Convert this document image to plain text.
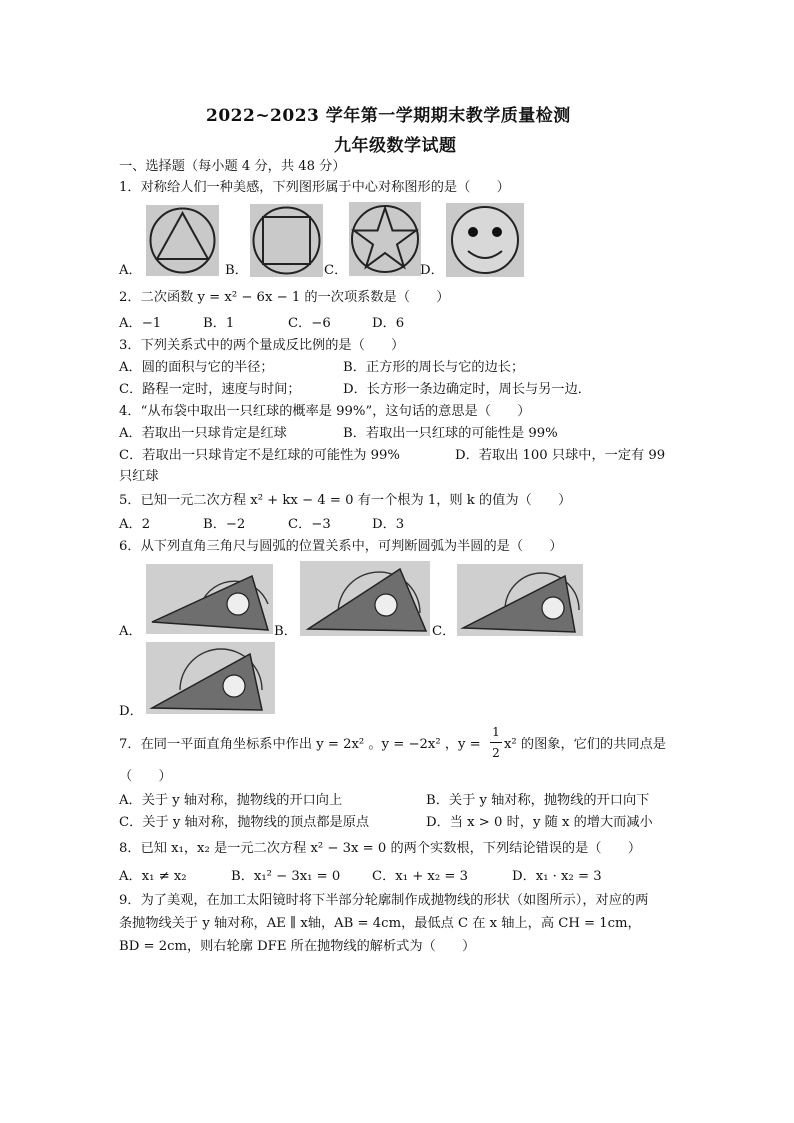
2022~2023 学年第一学期期末教学质量检测
九年级数学试题
一、选择题（每小题 4 分，共 48 分）
1．对称给人们一种美感，下列图形属于中心对称图形的是（　　）
A．	B．	C．	D．
2．二次函数 y = x² − 6x − 1 的一次项系数是（　　）
A．−1	B．1	C．−6	D．6
3．下列关系式中的两个量成反比例的是（　　）
A．圆的面积与它的半径；	B．正方形的周长与它的边长；
C．路程一定时，速度与时间；	D．长方形一条边确定时，周长与另一边．
4．“从布袋中取出一只红球的概率是 99%”，这句话的意思是（　　）
A．若取出一只球肯定是红球	B．若取出一只红球的可能性是 99%
C．若取出一只球肯定不是红球的可能性为 99%	D．若取出 100 只球中，一定有 99
只红球
5．已知一元二次方程 x² + kx − 4 = 0 有一个根为 1，则 k 的值为（　　）
A．2	B．−2	C．−3	D．3
6．从下列直角三角尺与圆弧的位置关系中，可判断圆弧为半圆的是（　　）
A．	B．	C．
D．
7．在同一平面直角坐标系中作出 y = 2x² 。y = −2x² ，y =
1
2
x² 的图象，它们的共同点是
（　　）
A．关于 y 轴对称，抛物线的开口向上	B．关于 y 轴对称，抛物线的开口向下
C．关于 y 轴对称，抛物线的顶点都是原点	D．当 x > 0 时，y 随 x 的增大而减小
8．已知 x₁，x₂ 是一元二次方程 x² − 3x = 0 的两个实数根，下列结论错误的是（　　）
A．x₁ ≠ x₂	B．x₁² − 3x₁ = 0 C．x₁ + x₂ = 3	D．x₁ · x₂ = 3
9．为了美观，在加工太阳镜时将下半部分轮廓制作成抛物线的形状（如图所示），对应的两
条抛物线关于 y 轴对称，AE ∥ x轴，AB = 4cm，最低点 C 在 x 轴上，高 CH = 1cm，
BD = 2cm，则右轮廓 DFE 所在抛物线的解析式为（　　）
